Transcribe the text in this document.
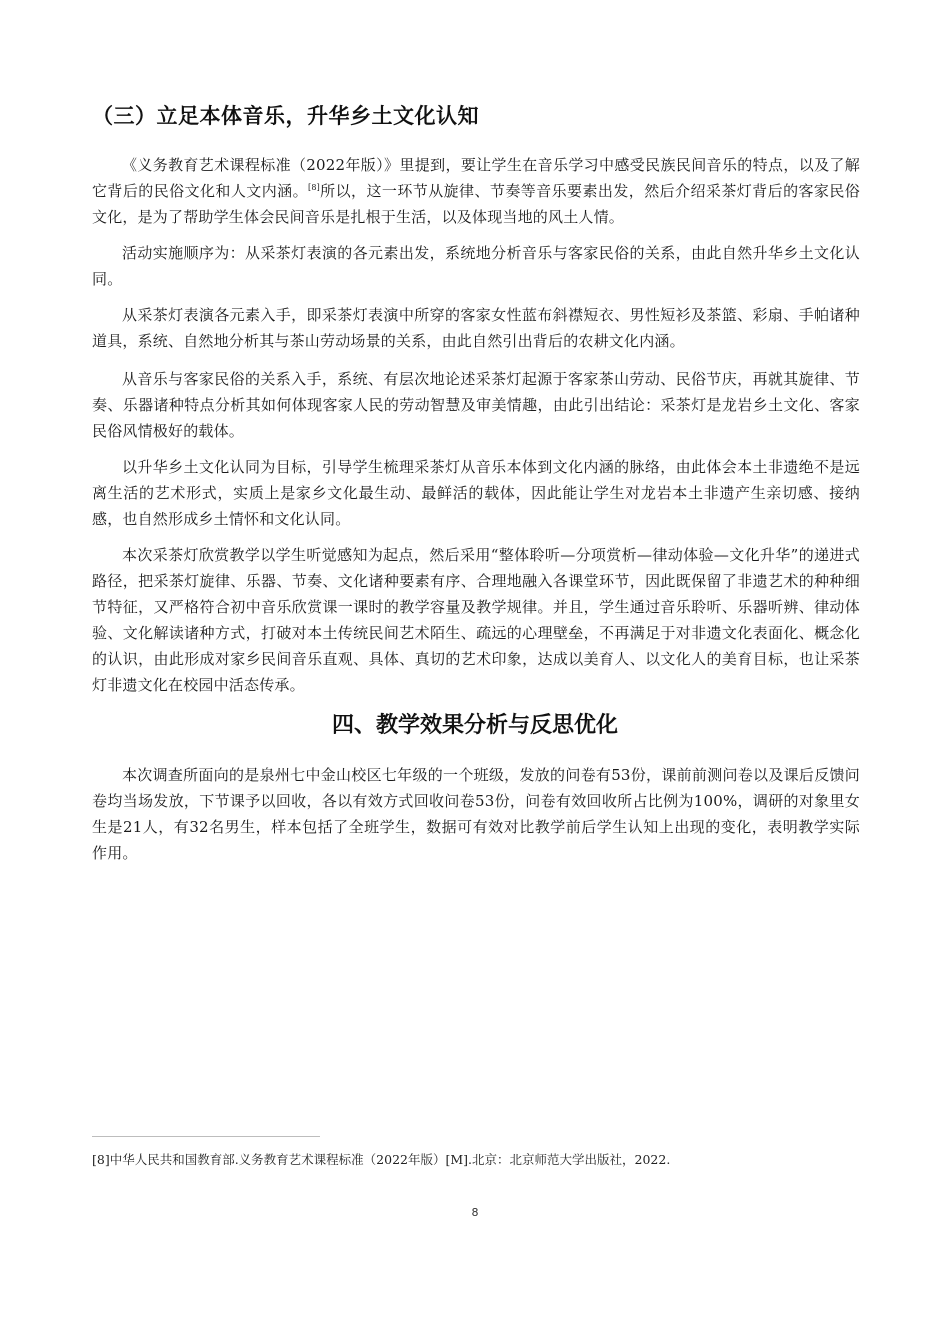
（三）立足本体音乐，升华乡土文化认知

《义务教育艺术课程标准（2022年版）》里提到，要让学生在音乐学习中感受民族民间音乐的特点，以及了解它背后的民俗文化和人文内涵。[8]所以，这一环节从旋律、节奏等音乐要素出发，然后介绍采茶灯背后的客家民俗文化，是为了帮助学生体会民间音乐是扎根于生活，以及体现当地的风土人情。

活动实施顺序为：从采茶灯表演的各元素出发，系统地分析音乐与客家民俗的关系，由此自然升华乡土文化认同。

从采茶灯表演各元素入手，即采茶灯表演中所穿的客家女性蓝布斜襟短衣、男性短衫及茶篮、彩扇、手帕诸种道具，系统、自然地分析其与茶山劳动场景的关系，由此自然引出背后的农耕文化内涵。

从音乐与客家民俗的关系入手，系统、有层次地论述采茶灯起源于客家茶山劳动、民俗节庆，再就其旋律、节奏、乐器诸种特点分析其如何体现客家人民的劳动智慧及审美情趣，由此引出结论：采茶灯是龙岩乡土文化、客家民俗风情极好的载体。

以升华乡土文化认同为目标，引导学生梳理采茶灯从音乐本体到文化内涵的脉络，由此体会本土非遗绝不是远离生活的艺术形式，实质上是家乡文化最生动、最鲜活的载体，因此能让学生对龙岩本土非遗产生亲切感、接纳感，也自然形成乡土情怀和文化认同。

本次采茶灯欣赏教学以学生听觉感知为起点，然后采用“整体聆听—分项赏析—律动体验—文化升华”的递进式路径，把采茶灯旋律、乐器、节奏、文化诸种要素有序、合理地融入各课堂环节，因此既保留了非遗艺术的种种细节特征，又严格符合初中音乐欣赏课一课时的教学容量及教学规律。并且，学生通过音乐聆听、乐器听辨、律动体验、文化解读诸种方式，打破对本土传统民间艺术陌生、疏远的心理壁垒，不再满足于对非遗文化表面化、概念化的认识，由此形成对家乡民间音乐直观、具体、真切的艺术印象，达成以美育人、以文化人的美育目标，也让采茶灯非遗文化在校园中活态传承。

四、教学效果分析与反思优化

本次调查所面向的是泉州七中金山校区七年级的一个班级，发放的问卷有53份，课前前测问卷以及课后反馈问卷均当场发放，下节课予以回收，各以有效方式回收问卷53份，问卷有效回收所占比例为100%，调研的对象里女生是21人，有32名男生，样本包括了全班学生，数据可有效对比教学前后学生认知上出现的变化，表明教学实际作用。

[8]中华人民共和国教育部.义务教育艺术课程标准（2022年版）[M].北京：北京师范大学出版社，2022.
8
